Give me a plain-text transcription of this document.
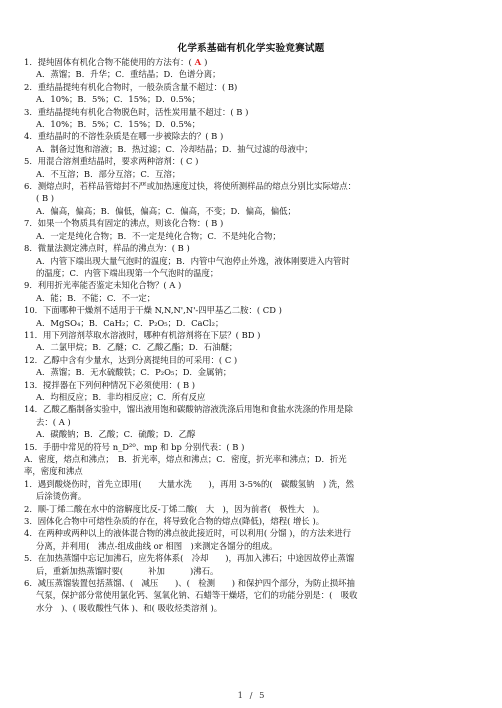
化学系基础有机化学实验竞赛试题
1．提纯固体有机化合物不能使用的方法有：( A )
A．蒸馏；B．升华；C．重结晶；D．色谱分离；
2．重结晶提纯有机化合物时，一般杂质含量不超过：( B)
A．10%；B．5%；C．15%；D．0.5%；
3．重结晶提纯有机化合物脱色时，活性炭用量不超过：( B )
A．10%；B．5%；C．15%；D．0.5%；
4．重结晶时的不溶性杂质是在哪一步被除去的？( B )
A．制备过饱和溶液；B．热过滤；C．冷却结晶；D．抽气过滤的母液中；
5．用混合溶剂重结晶时，要求两种溶剂：( C )
A．不互溶；B．部分互溶；C．互溶；
6．测熔点时，若样品管熔封不严或加热速度过快，将使所测样品的熔点分别比实际熔点：
( B )
A．偏高，偏高；B．偏低，偏高；C．偏高，不变；D．偏高，偏低；
7．如果一个物质具有固定的沸点，则该化合物：( B )
A．一定是纯化合物；B．不一定是纯化合物；C．不是纯化合物；
8．微量法测定沸点时，样品的沸点为：( B )
A．内管下端出现大量气泡时的温度；B．内管中气泡停止外逸，液体刚要进入内管时
的温度；C．内管下端出现第一个气泡时的温度；
9．利用折光率能否鉴定未知化合物？( A )
A．能；B．不能；C．不一定；
10．下面哪种干燥剂不适用于干燥 N,N,N',N'-四甲基乙二胺：( CD )
A．MgSO₄；B．CaH₂；C．P₂O₅；D．CaCl₂；
11．用下列溶剂萃取水溶液时，哪种有机溶剂将在下层？( BD )
A．二氯甲烷；B．乙醚；C．乙酸乙酯；D．石油醚；
12．乙醇中含有少量水，达到分离提纯目的可采用：( C )
A．蒸馏；B．无水硫酸铁；C．P₂O₅；D．金属钠；
13．搅拌器在下列何种情况下必须使用：( B )
A．均相反应；B．非均相反应；C．所有反应
14．乙酸乙酯制备实验中，馏出液用饱和碳酸钠溶液洗涤后用饱和食盐水洗涤的作用是除
去：( A )
A．碳酸钠；B．乙酸；C．硫酸；D．乙醇
15．手册中常见的符号 n_D²⁰、mp 和 bp 分别代表：( B )
A．密度，熔点和沸点；　B．折光率，熔点和沸点；C．密度，折光率和沸点；D．折光
率，密度和沸点
1．遇到酸烧伤时，首先立即用(　　大量水洗　　)，再用 3-5%的(　碳酸氢钠　) 洗，然
后涂烫伤膏。
2．顺-丁烯二酸在水中的溶解度比反-丁烯二酸(　大　)，因为前者(　极性大　)。
3．固体化合物中可熔性杂质的存在，将导致化合物的熔点(降低)，熔程( 增长 )。
4．在两种或两种以上的液体混合物的沸点彼此接近时，可以利用( 分馏 )，的方法来进行
分离，并利用(　沸点-组成曲线 or 相图　)来测定各馏分的组成。
5．在加热蒸馏中忘记加沸石，应先将体系(　冷却　　)，再加入沸石；中途因故停止蒸馏
后，重新加热蒸馏时要(　　　补加　　　)沸石。
6．减压蒸馏装置包括蒸馏、(　减压　　)、(　检测　　) 和保护四个部分，为防止损坏抽
气泵，保护部分常使用氯化钙、氢氧化钠、石蜡等干燥塔，它们的功能分别是：(　吸收
水分　)、( 吸收酸性气体 )、和( 吸收烃类溶剂 )。
1 / 5
